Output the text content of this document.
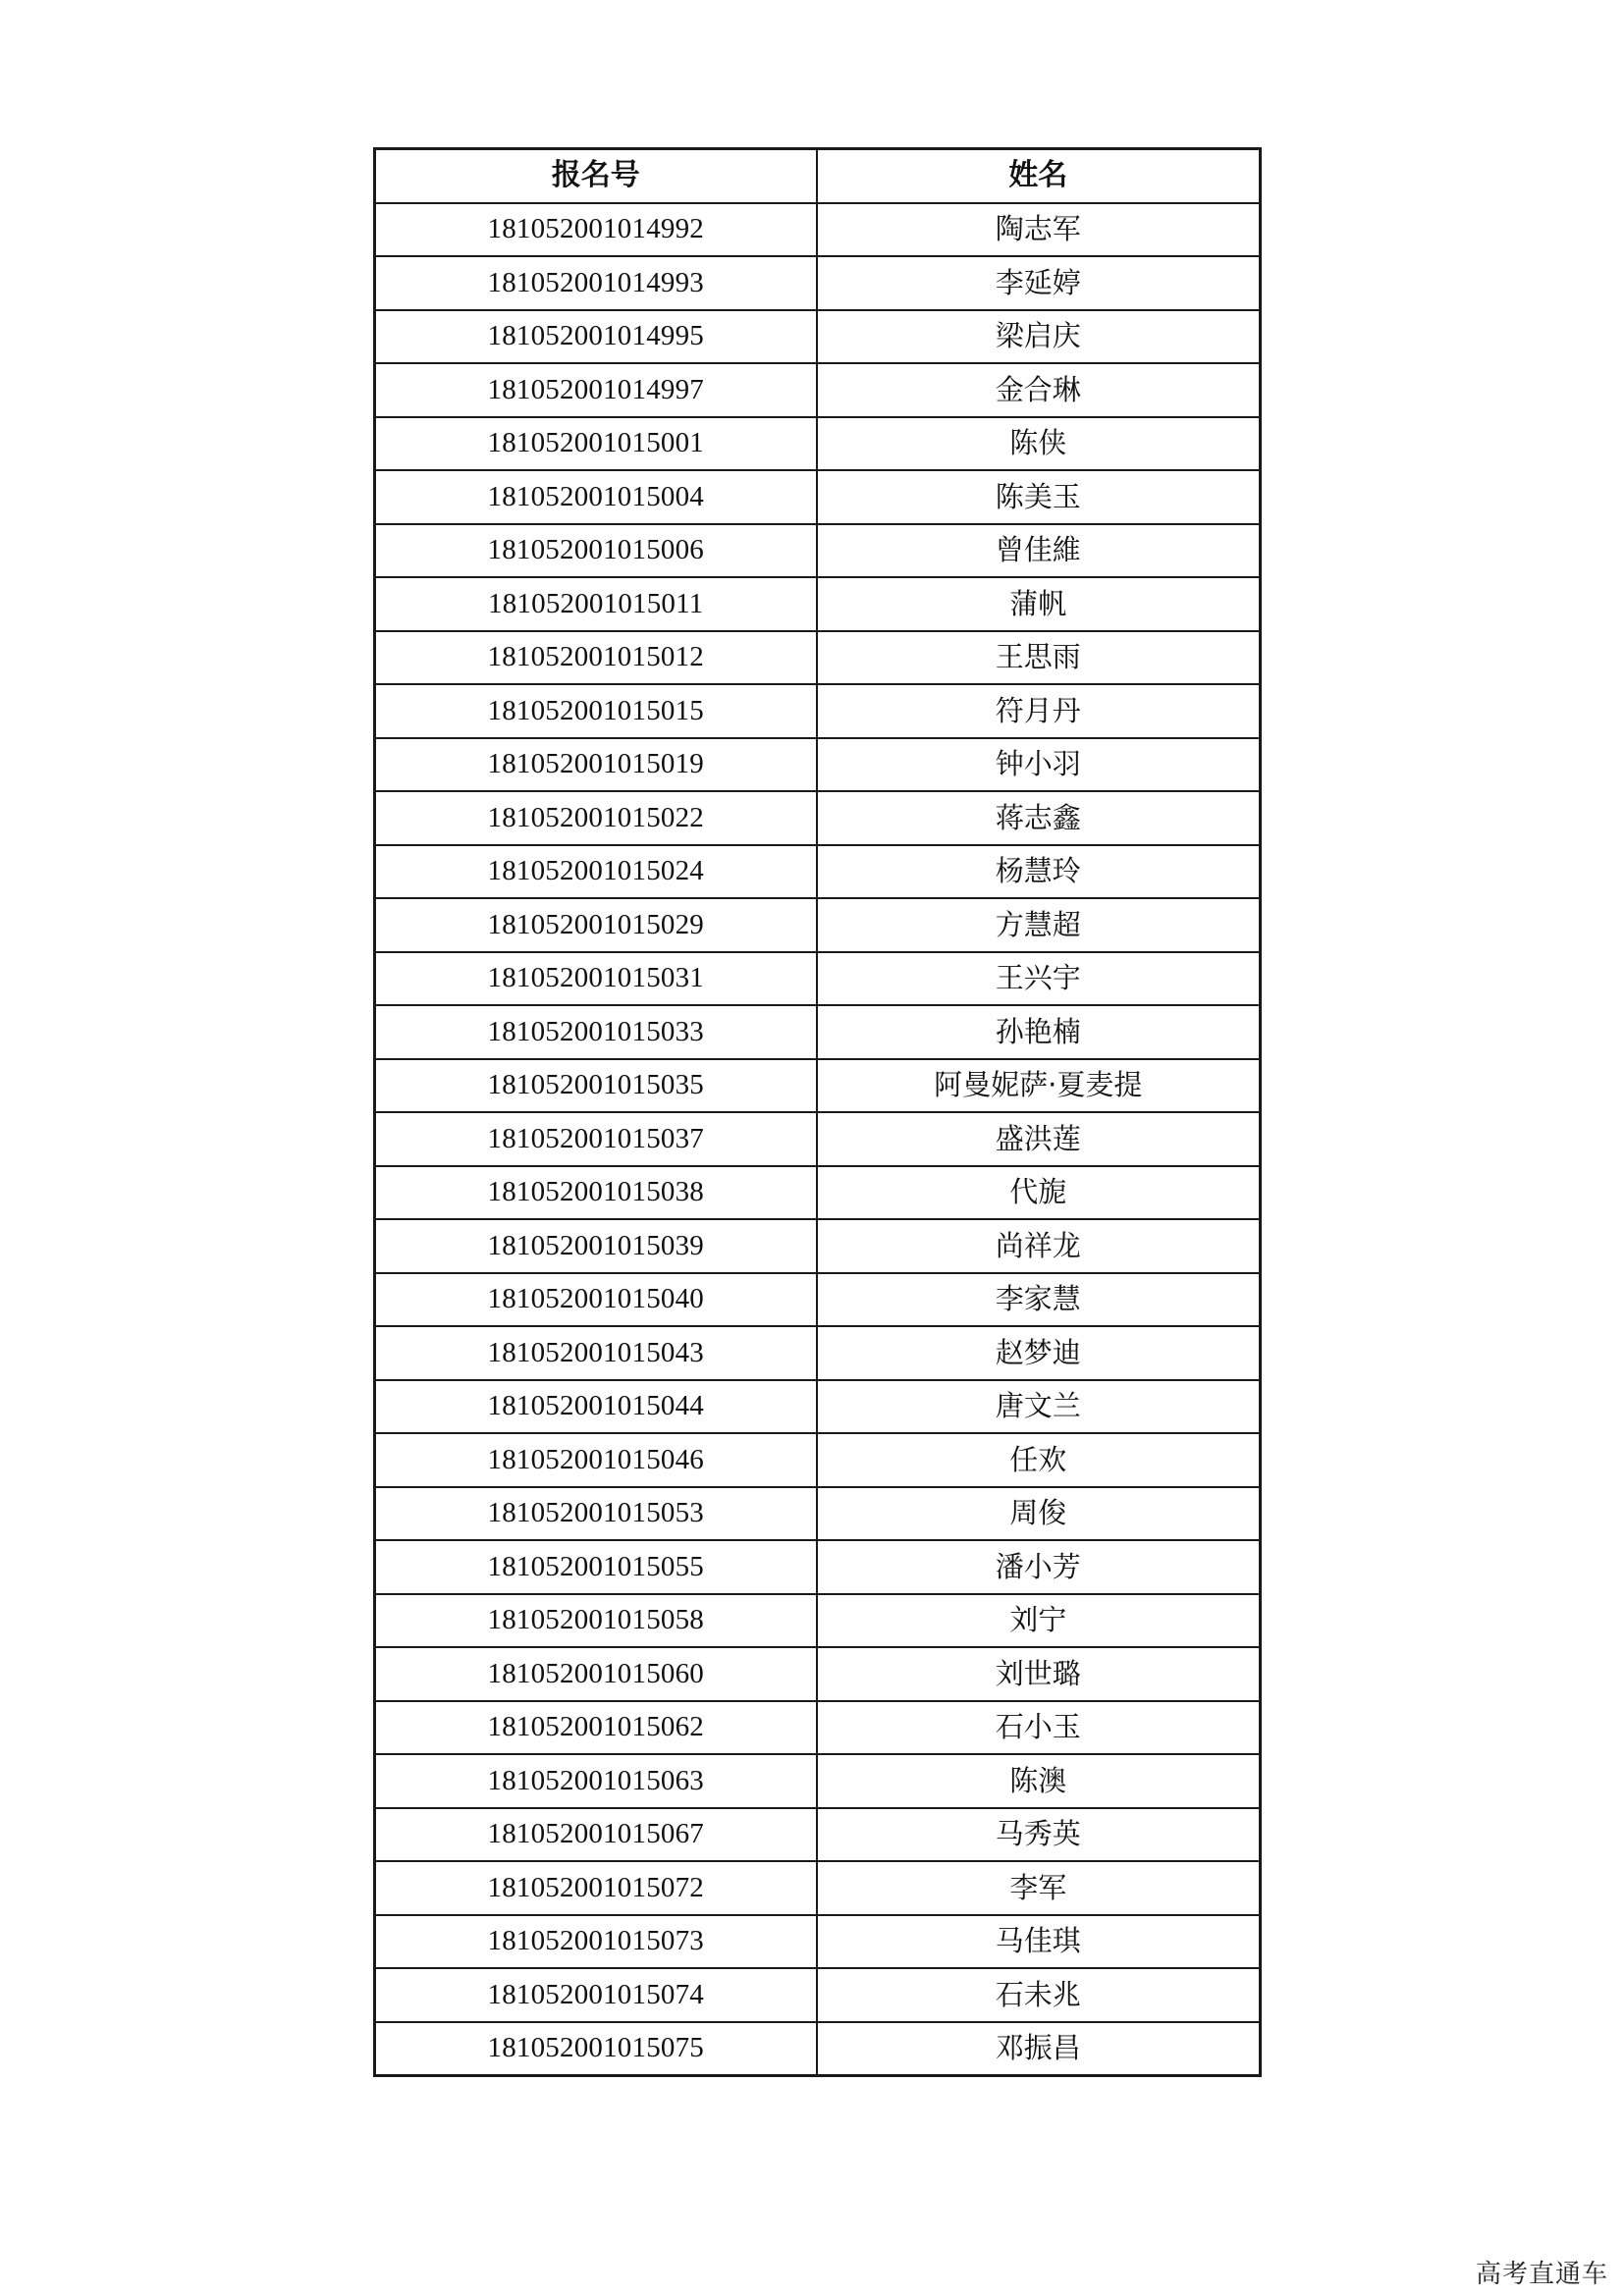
报名号	姓名
181052001014992	陶志军
181052001014993	李延婷
181052001014995	梁启庆
181052001014997	金合琳
181052001015001	陈侠
181052001015004	陈美玉
181052001015006	曾佳維
181052001015011	蒲帆
181052001015012	王思雨
181052001015015	符月丹
181052001015019	钟小羽
181052001015022	蒋志鑫
181052001015024	杨慧玲
181052001015029	方慧超
181052001015031	王兴宇
181052001015033	孙艳楠
181052001015035	阿曼妮萨·夏麦提
181052001015037	盛洪莲
181052001015038	代旎
181052001015039	尚祥龙
181052001015040	李家慧
181052001015043	赵梦迪
181052001015044	唐文兰
181052001015046	任欢
181052001015053	周俊
181052001015055	潘小芳
181052001015058	刘宁
181052001015060	刘世璐
181052001015062	石小玉
181052001015063	陈澳
181052001015067	马秀英
181052001015072	李军
181052001015073	马佳琪
181052001015074	石未兆
181052001015075	邓振昌
高考直通车
